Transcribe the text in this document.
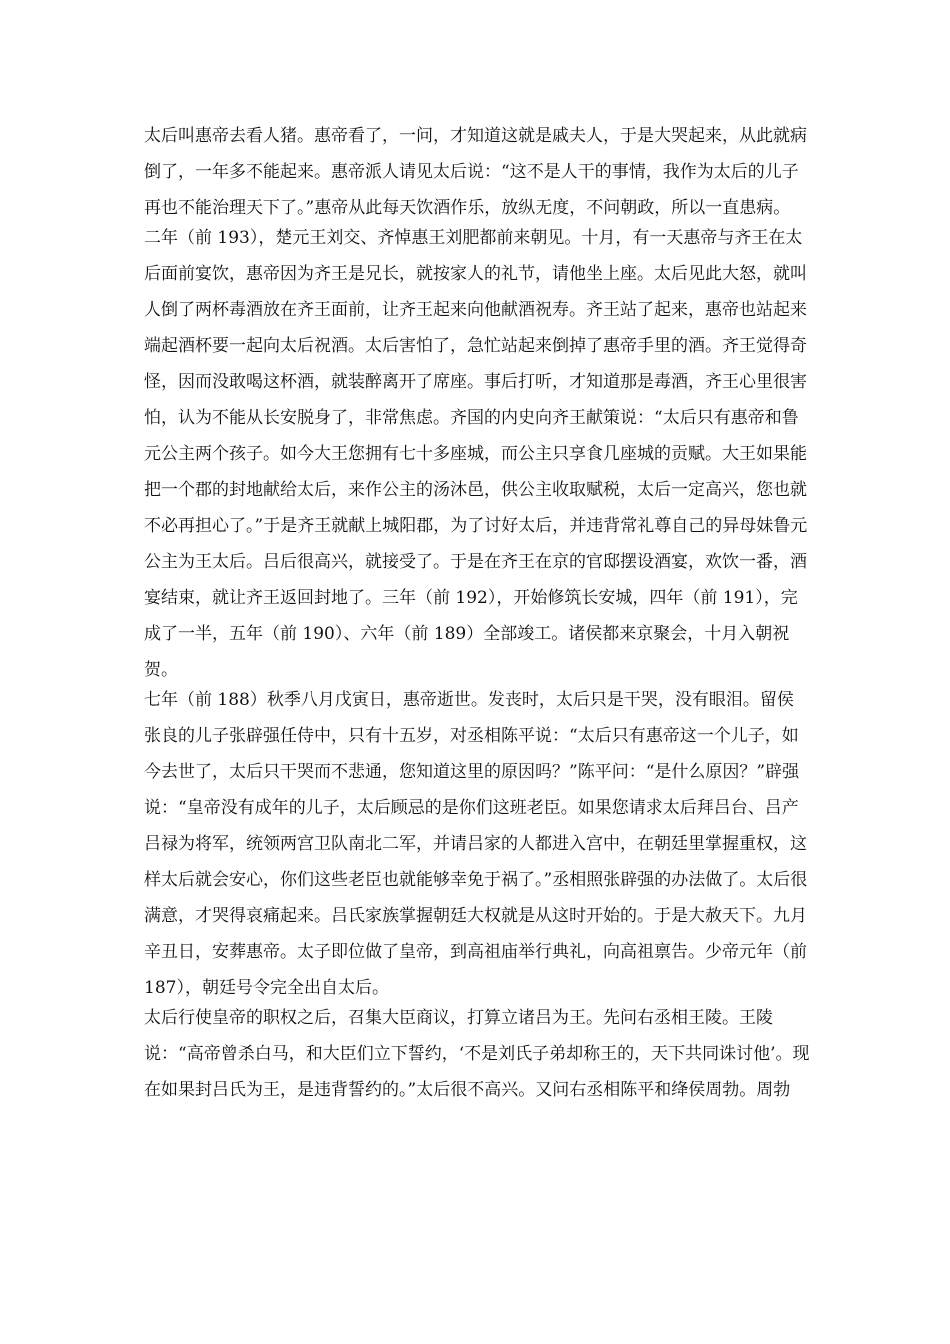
太后叫惠帝去看人猪。惠帝看了，一问，才知道这就是戚夫人，于是大哭起来，从此就病倒了，一年多不能起来。惠帝派人请见太后说：“这不是人干的事情，我作为太后的儿子再也不能治理天下了。”惠帝从此每天饮酒作乐，放纵无度，不问朝政，所以一直患病。

二年（前 193），楚元王刘交、齐悼惠王刘肥都前来朝见。十月，有一天惠帝与齐王在太后面前宴饮，惠帝因为齐王是兄长，就按家人的礼节，请他坐上座。太后见此大怒，就叫人倒了两杯毒酒放在齐王面前，让齐王起来向他献酒祝寿。齐王站了起来，惠帝也站起来端起酒杯要一起向太后祝酒。太后害怕了，急忙站起来倒掉了惠帝手里的酒。齐王觉得奇怪，因而没敢喝这杯酒，就装醉离开了席座。事后打听，才知道那是毒酒，齐王心里很害怕，认为不能从长安脱身了，非常焦虑。齐国的内史向齐王献策说：“太后只有惠帝和鲁元公主两个孩子。如今大王您拥有七十多座城，而公主只享食几座城的贡赋。大王如果能把一个郡的封地献给太后，来作公主的汤沐邑，供公主收取赋税，太后一定高兴，您也就不必再担心了。”于是齐王就献上城阳郡，为了讨好太后，并违背常礼尊自己的异母妹鲁元公主为王太后。吕后很高兴，就接受了。于是在齐王在京的官邸摆设酒宴，欢饮一番，酒宴结束，就让齐王返回封地了。三年（前 192），开始修筑长安城，四年（前 191），完成了一半，五年（前 190）、六年（前 189）全部竣工。诸侯都来京聚会，十月入朝祝贺。

七年（前 188）秋季八月戊寅日，惠帝逝世。发丧时，太后只是干哭，没有眼泪。留侯张良的儿子张辟强任侍中，只有十五岁，对丞相陈平说：“太后只有惠帝这一个儿子，如今去世了，太后只干哭而不悲通，您知道这里的原因吗？”陈平问：“是什么原因？”辟强说：“皇帝没有成年的儿子，太后顾忌的是你们这班老臣。如果您请求太后拜吕台、吕产吕禄为将军，统领两宫卫队南北二军，并请吕家的人都进入宫中，在朝廷里掌握重权，这样太后就会安心，你们这些老臣也就能够幸免于祸了。”丞相照张辟强的办法做了。太后很满意，才哭得哀痛起来。吕氏家族掌握朝廷大权就是从这时开始的。于是大赦天下。九月辛丑日，安葬惠帝。太子即位做了皇帝，到高祖庙举行典礼，向高祖禀告。少帝元年（前 187），朝廷号令完全出自太后。

太后行使皇帝的职权之后，召集大臣商议，打算立诸吕为王。先问右丞相王陵。王陵说：“高帝曾杀白马，和大臣们立下誓约，‘不是刘氏子弟却称王的，天下共同诛讨他’。现在如果封吕氏为王，是违背誓约的。”太后很不高兴。又问右丞相陈平和绛侯周勃。周勃
